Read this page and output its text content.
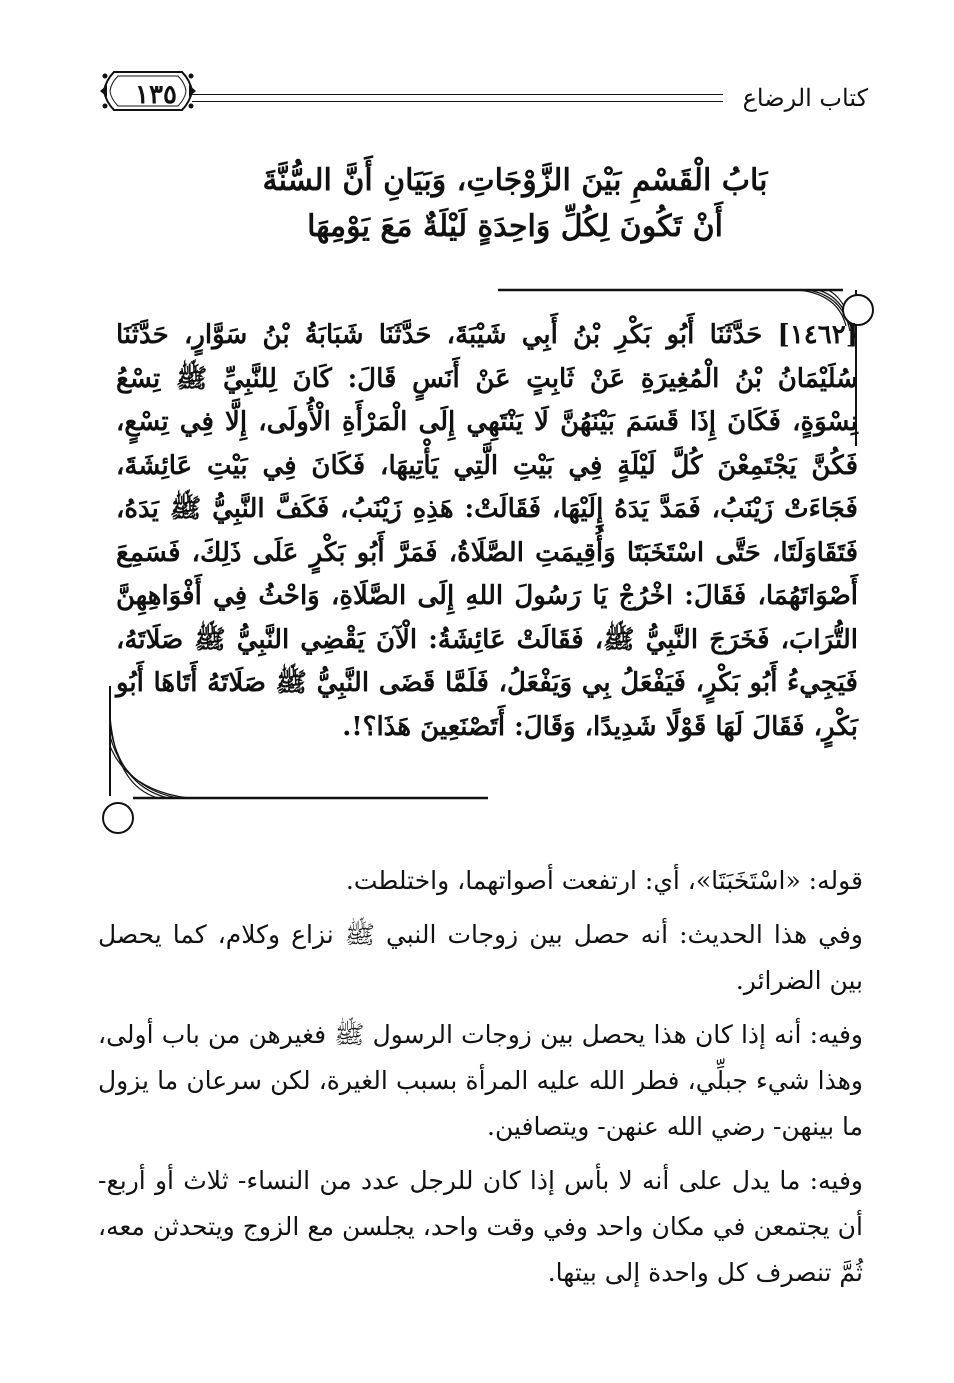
كتاب الرضاع
١٣٥
بَابُ الْقَسْمِ بَيْنَ الزَّوْجَاتِ، وَبَيَانِ أَنَّ السُّنَّةَ
أَنْ تَكُونَ لِكُلِّ وَاحِدَةٍ لَيْلَةٌ مَعَ يَوْمِهَا

[١٤٦٢] حَدَّثَنَا أَبُو بَكْرِ بْنُ أَبِي شَيْبَةَ، حَدَّثَنَا شَبَابَةُ بْنُ سَوَّارٍ، حَدَّثَنَا سُلَيْمَانُ بْنُ الْمُغِيرَةِ عَنْ ثَابِتٍ عَنْ أَنَسٍ قَالَ: كَانَ لِلنَّبِيِّ ﷺ تِسْعُ نِسْوَةٍ، فَكَانَ إِذَا قَسَمَ بَيْنَهُنَّ لَا يَنْتَهِي إِلَى الْمَرْأَةِ الْأُولَى، إِلَّا فِي تِسْعٍ، فَكُنَّ يَجْتَمِعْنَ كُلَّ لَيْلَةٍ فِي بَيْتِ الَّتِي يَأْتِيهَا، فَكَانَ فِي بَيْتِ عَائِشَةَ، فَجَاءَتْ زَيْنَبُ، فَمَدَّ يَدَهُ إِلَيْهَا، فَقَالَتْ: هَذِهِ زَيْنَبُ، فَكَفَّ النَّبِيُّ ﷺ يَدَهُ، فَتَقَاوَلَتَا، حَتَّى اسْتَخَبَتَا وَأُقِيمَتِ الصَّلَاةُ، فَمَرَّ أَبُو بَكْرٍ عَلَى ذَلِكَ، فَسَمِعَ أَصْوَاتَهُمَا، فَقَالَ: اخْرُجْ يَا رَسُولَ اللهِ إِلَى الصَّلَاةِ، وَاحْثُ فِي أَفْوَاهِهِنَّ التُّرَابَ، فَخَرَجَ النَّبِيُّ ﷺ، فَقَالَتْ عَائِشَةُ: الْآنَ يَقْضِي النَّبِيُّ ﷺ صَلَاتَهُ، فَيَجِيءُ أَبُو بَكْرٍ، فَيَفْعَلُ بِي وَيَفْعَلُ، فَلَمَّا قَضَى النَّبِيُّ ﷺ صَلَاتَهُ أَتَاهَا أَبُو بَكْرٍ، فَقَالَ لَهَا قَوْلًا شَدِيدًا، وَقَالَ: أَتَصْنَعِينَ هَذَا؟!.

قوله: «اسْتَخَبَتَا»، أي: ارتفعت أصواتهما، واختلطت.

وفي هذا الحديث: أنه حصل بين زوجات النبي ﷺ نزاع وكلام، كما يحصل بين الضرائر.

وفيه: أنه إذا كان هذا يحصل بين زوجات الرسول ﷺ فغيرهن من باب أولى، وهذا شيء جبلِّي، فطر الله عليه المرأة بسبب الغيرة، لكن سرعان ما يزول ما بينهن- رضي الله عنهن- ويتصافين.

وفيه: ما يدل على أنه لا بأس إذا كان للرجل عدد من النساء- ثلاث أو أربع- أن يجتمعن في مكان واحد وفي وقت واحد، يجلسن مع الزوج ويتحدثن معه، ثُمَّ تنصرف كل واحدة إلى بيتها.
